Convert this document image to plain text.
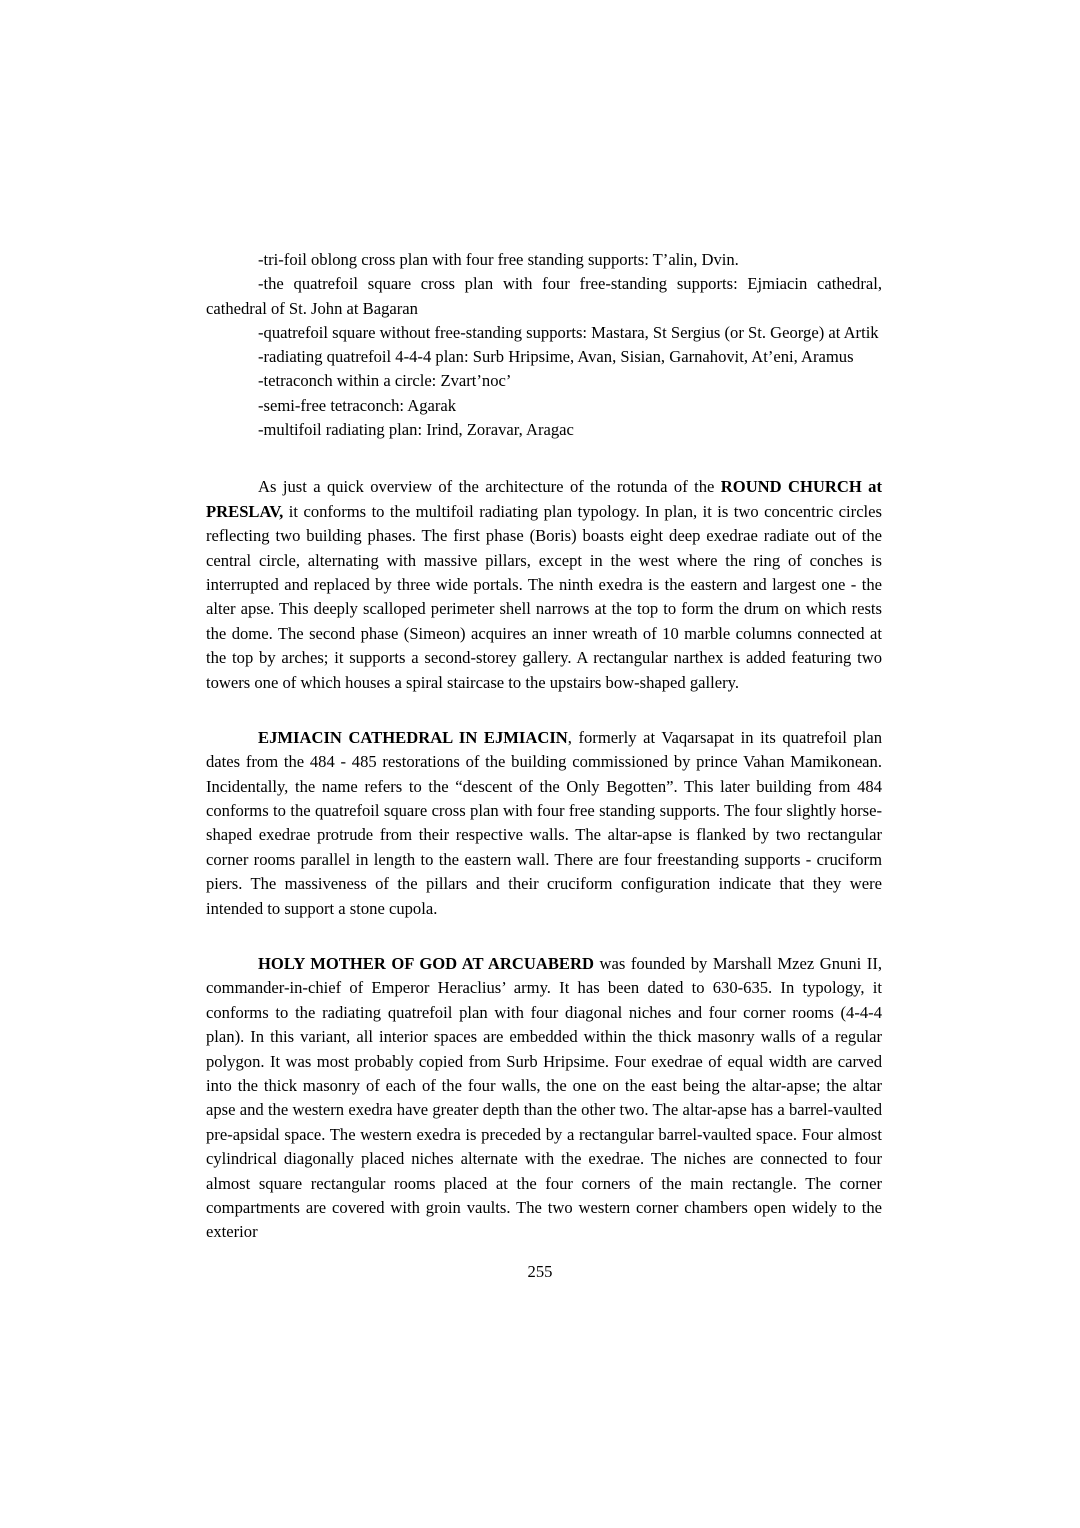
-tri-foil oblong cross plan with four free standing supports: T’alin, Dvin.

-the quatrefoil square cross plan with four free-standing supports: Ejmiacin cathedral, cathedral of St. John at Bagaran

-quatrefoil square without free-standing supports: Mastara, St Sergius (or St. George) at Artik

-radiating quatrefoil 4-4-4 plan: Surb Hripsime, Avan, Sisian, Garnahovit, At’eni, Aramus

-tetraconch within a circle: Zvart’noc’

-semi-free tetraconch: Agarak

-multifoil radiating plan: Irind, Zoravar, Aragac

As just a quick overview of the architecture of the rotunda of the ROUND CHURCH at PRESLAV, it conforms to the multifoil radiating plan typology. In plan, it is two concentric circles reflecting two building phases. The first phase (Boris) boasts eight deep exedrae radiate out of the central circle, alternating with massive pillars, except in the west where the ring of conches is interrupted and replaced by three wide portals. The ninth exedra is the eastern and largest one - the alter apse. This deeply scalloped perimeter shell narrows at the top to form the drum on which rests the dome. The second phase (Simeon) acquires an inner wreath of 10 marble columns connected at the top by arches; it supports a second-storey gallery. A rectangular narthex is added featuring two towers one of which houses a spiral staircase to the upstairs bow-shaped gallery.

EJMIACIN CATHEDRAL IN EJMIACIN, formerly at Vaqarsapat in its quatrefoil plan dates from the 484 - 485 restorations of the building commissioned by prince Vahan Mamikonean. Incidentally, the name refers to the “descent of the Only Begotten”. This later building from 484 conforms to the quatrefoil square cross plan with four free standing supports. The four slightly horse-shaped exedrae protrude from their respective walls. The altar-apse is flanked by two rectangular corner rooms parallel in length to the eastern wall. There are four freestanding supports - cruciform piers. The massiveness of the pillars and their cruciform configuration indicate that they were intended to support a stone cupola.

HOLY MOTHER OF GOD AT ARCUABERD was founded by Marshall Mzez Gnuni II, commander-in-chief of Emperor Heraclius’ army. It has been dated to 630-635. In typology, it conforms to the radiating quatrefoil plan with four diagonal niches and four corner rooms (4-4-4 plan). In this variant, all interior spaces are embedded within the thick masonry walls of a regular polygon. It was most probably copied from Surb Hripsime. Four exedrae of equal width are carved into the thick masonry of each of the four walls, the one on the east being the altar-apse; the altar apse and the western exedra have greater depth than the other two. The altar-apse has a barrel-vaulted pre-apsidal space. The western exedra is preceded by a rectangular barrel-vaulted space. Four almost cylindrical diagonally placed niches alternate with the exedrae. The niches are connected to four almost square rectangular rooms placed at the four corners of the main rectangle. The corner compartments are covered with groin vaults. The two western corner chambers open widely to the exterior

255
